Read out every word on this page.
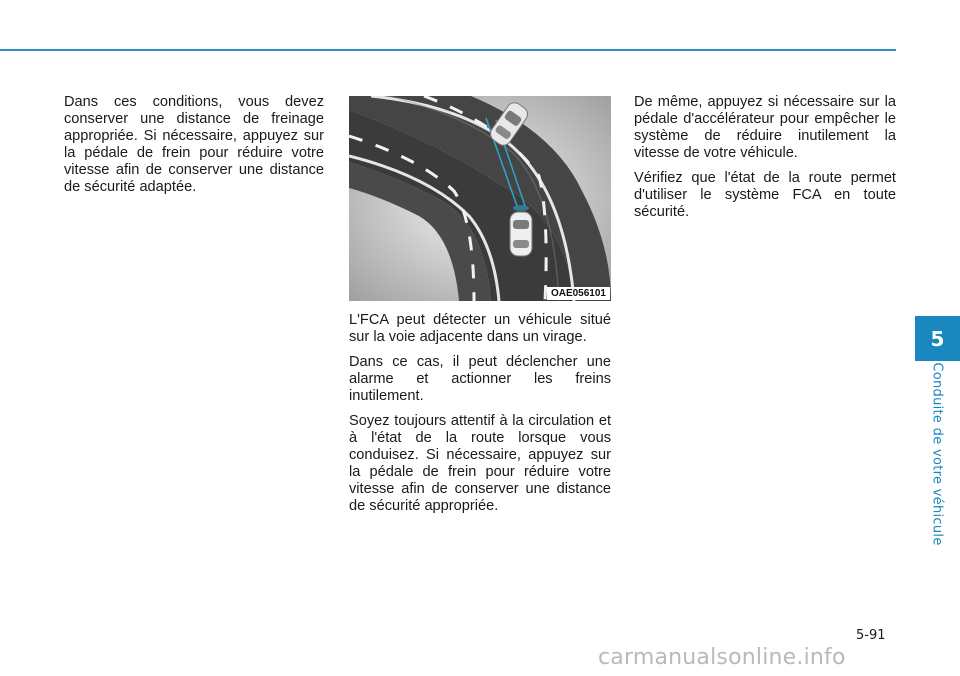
Dans ces conditions, vous devez conserver une distance de freinage appropriée. Si nécessaire, appuyez sur la pédale de frein pour réduire votre vitesse afin de conserver une distance de sécurité adaptée.

OAE056101

L'FCA peut détecter un véhicule situé sur la voie adjacente dans un virage.

Dans ce cas, il peut déclencher une alarme et actionner les freins inutilement.

Soyez toujours attentif à la circulation et à l'état de la route lorsque vous conduisez. Si nécessaire, appuyez sur la pédale de frein pour réduire votre vitesse afin de conserver une distance de sécurité appropriée.

De même, appuyez si nécessaire sur la pédale d'accélérateur pour empêcher le système de réduire inutilement la vitesse de votre véhicule.

Vérifiez que l'état de la route permet d'utiliser le système FCA en toute sécurité.

5
Conduite de votre véhicule
5-91
carmanualsonline.info
